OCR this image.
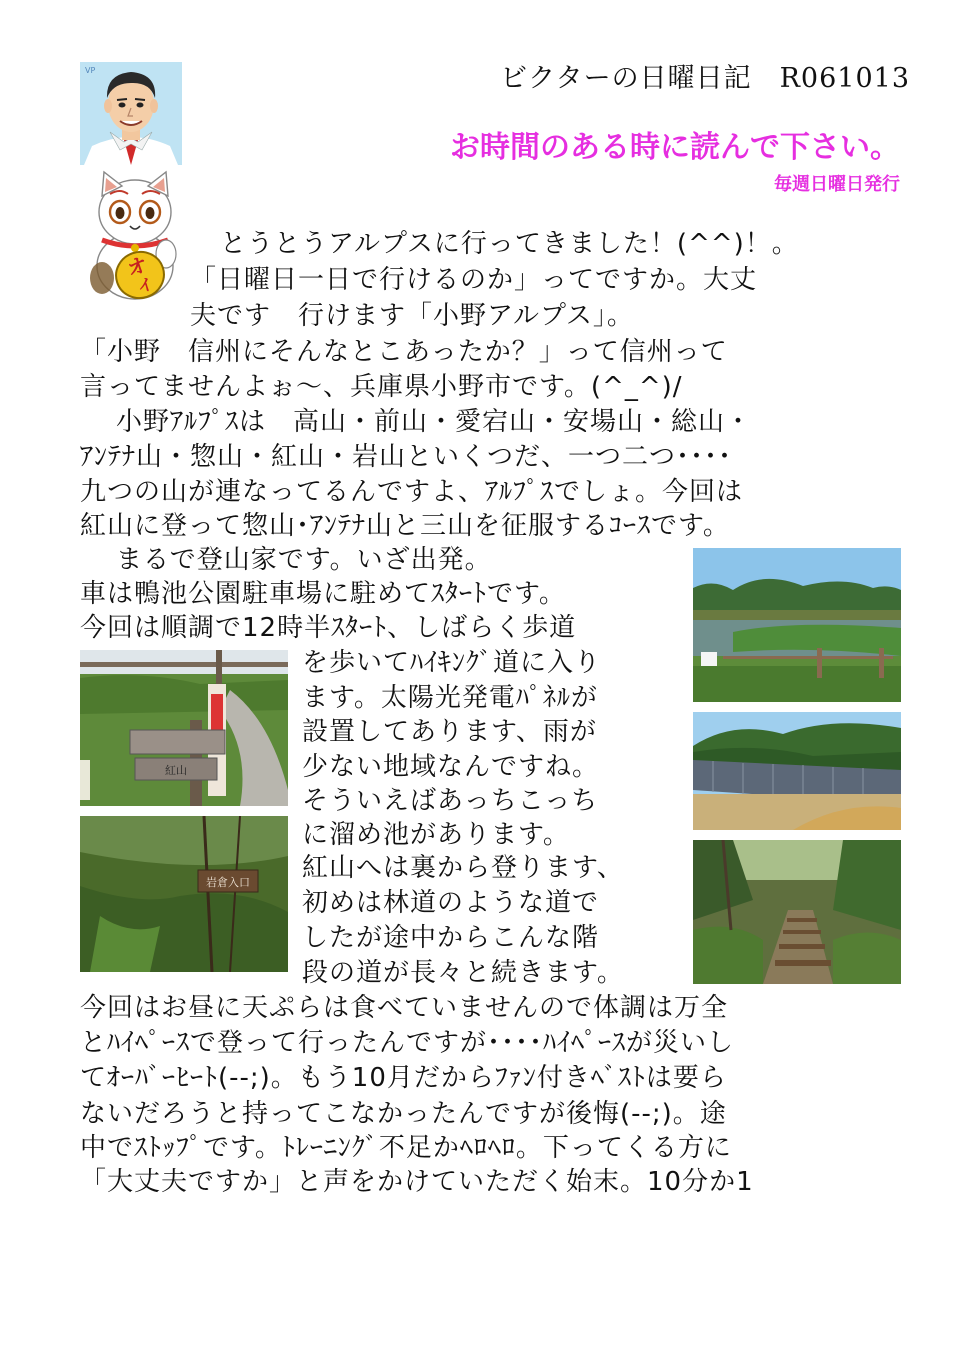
ビクターの日曜日記　R061013
お時間のある時に読んで下さい。
毎週日曜日発行
VP
オ
イ
紅山
岩倉入口
とうとうアルプスに行ってきました！(^^)！。
「日曜日一日で行けるのか」ってですか。大丈
夫です　行けます「小野アルプス」。
「小野　信州にそんなとこあったか？」って信州って
言ってませんよぉ～、兵庫県小野市です。(^_^)/
小野ｱﾙﾌﾟｽは　高山・前山・愛宕山・安場山・総山・
ｱﾝﾃﾅ山・惣山・紅山・岩山といくつだ、一つ二つ････
九つの山が連なってるんですよ、ｱﾙﾌﾟｽでしょ。今回は
紅山に登って惣山･ｱﾝﾃﾅ山と三山を征服するｺｰｽです。
まるで登山家です。いざ出発。
車は鴨池公園駐車場に駐めてｽﾀｰﾄです。
今回は順調で12時半ｽﾀｰﾄ、しばらく歩道
を歩いてﾊｲｷﾝｸﾞ道に入り
ます。太陽光発電ﾊﾟﾈﾙが
設置してあります、雨が
少ない地域なんですね。
そういえばあっちこっち
に溜め池があります。
紅山へは裏から登ります、
初めは林道のような道で
したが途中からこんな階
段の道が長々と続きます。
今回はお昼に天ぷらは食べていませんので体調は万全
とﾊｲﾍﾟｰｽで登って行ったんですが････ﾊｲﾍﾟｰｽが災いし
てｵｰﾊﾞｰﾋｰﾄ(--;)。もう10月だからﾌｧﾝ付きﾍﾞｽﾄは要ら
ないだろうと持ってこなかったんですが後悔(--;)。途
中でｽﾄｯﾌﾟです。ﾄﾚｰﾆﾝｸﾞ不足かﾍﾛﾍﾛ。下ってくる方に
「大丈夫ですか」と声をかけていただく始末。10分か1
